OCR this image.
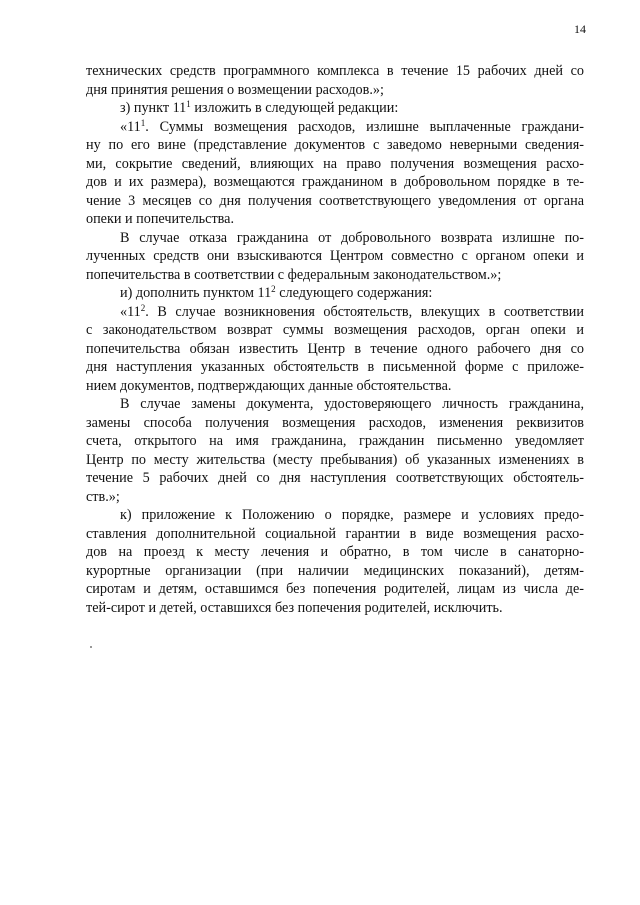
14

технических средств программного комплекса в течение 15 рабочих дней со
дня принятия решения о возмещении расходов.»;

з) пункт $11^1$ изложить в следующей редакции:

«$11^1$. Суммы возмещения расходов, излишне выплаченные граждани-
ну по его вине (представление документов с заведомо неверными сведения-
ми, сокрытие сведений, влияющих на право получения возмещения расхо-
дов и их размера), возмещаются гражданином в добровольном порядке в те-
чение 3 месяцев со дня получения соответствующего уведомления от органа
опеки и попечительства.

В случае отказа гражданина от добровольного возврата излишне по-
лученных средств они взыскиваются Центром совместно с органом опеки и
попечительства в соответствии с федеральным законодательством.»;

и) дополнить пунктом $11^2$ следующего содержания:

«$11^2$. В случае возникновения обстоятельств, влекущих в соответствии
с законодательством возврат суммы возмещения расходов, орган опеки и
попечительства обязан известить Центр в течение одного рабочего дня со
дня наступления указанных обстоятельств в письменной форме с приложе-
нием документов, подтверждающих данные обстоятельства.

В случае замены документа, удостоверяющего личность гражданина,
замены способа получения возмещения расходов, изменения реквизитов
счета, открытого на имя гражданина, гражданин письменно уведомляет
Центр по месту жительства (месту пребывания) об указанных изменениях в
течение 5 рабочих дней со дня наступления соответствующих обстоятель-
ств.»;

к) приложение к Положению о порядке, размере и условиях предо-
ставления дополнительной социальной гарантии в виде возмещения расхо-
дов на проезд к месту лечения и обратно, в том числе в санаторно-
курортные организации (при наличии медицинских показаний), детям-
сиротам и детям, оставшимся без попечения родителей, лицам из числа де-
тей-сирот и детей, оставшихся без попечения родителей, исключить.
